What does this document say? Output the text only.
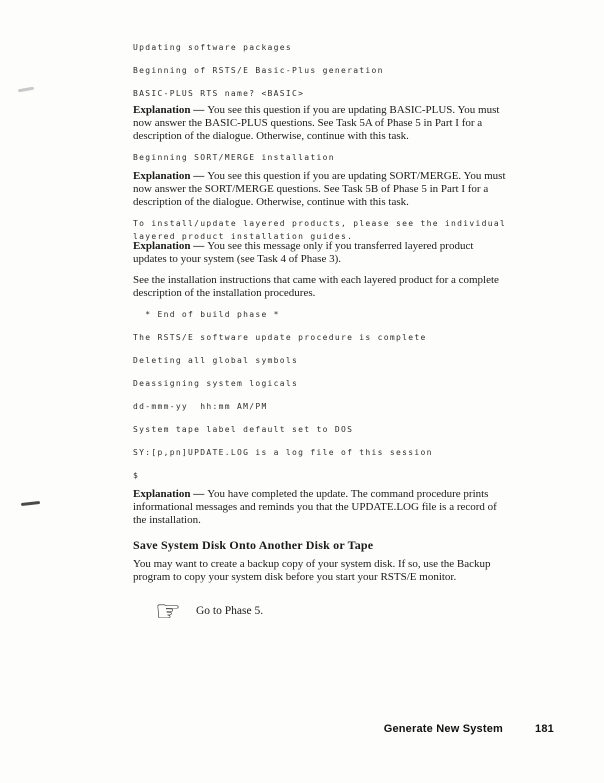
Updating software packages
Beginning of RSTS/E Basic-Plus generation
BASIC-PLUS RTS name? <BASIC>
Explanation — You see this question if you are updating BASIC-PLUS. You must
now answer the BASIC-PLUS questions. See Task 5A of Phase 5 in Part I for a
description of the dialogue. Otherwise, continue with this task.
Beginning SORT/MERGE installation
Explanation — You see this question if you are updating SORT/MERGE. You must
now answer the SORT/MERGE questions. See Task 5B of Phase 5 in Part I for a
description of the dialogue. Otherwise, continue with this task.
To install/update layered products, please see the individual
layered product installation guides.
Explanation — You see this message only if you transferred layered product
updates to your system (see Task 4 of Phase 3).
See the installation instructions that came with each layered product for a complete
description of the installation procedures.
* End of build phase *
The RSTS/E software update procedure is complete
Deleting all global symbols
Deassigning system logicals
dd-mmm-yy  hh:mm AM/PM
System tape label default set to DOS
SY:[p,pn]UPDATE.LOG is a log file of this session
$
Explanation — You have completed the update. The command procedure prints
informational messages and reminds you that the UPDATE.LOG file is a record of
the installation.
Save System Disk Onto Another Disk or Tape
You may want to create a backup copy of your system disk. If so, use the Backup
program to copy your system disk before you start your RSTS/E monitor.
☞ Go to Phase 5.
Generate New System	181
